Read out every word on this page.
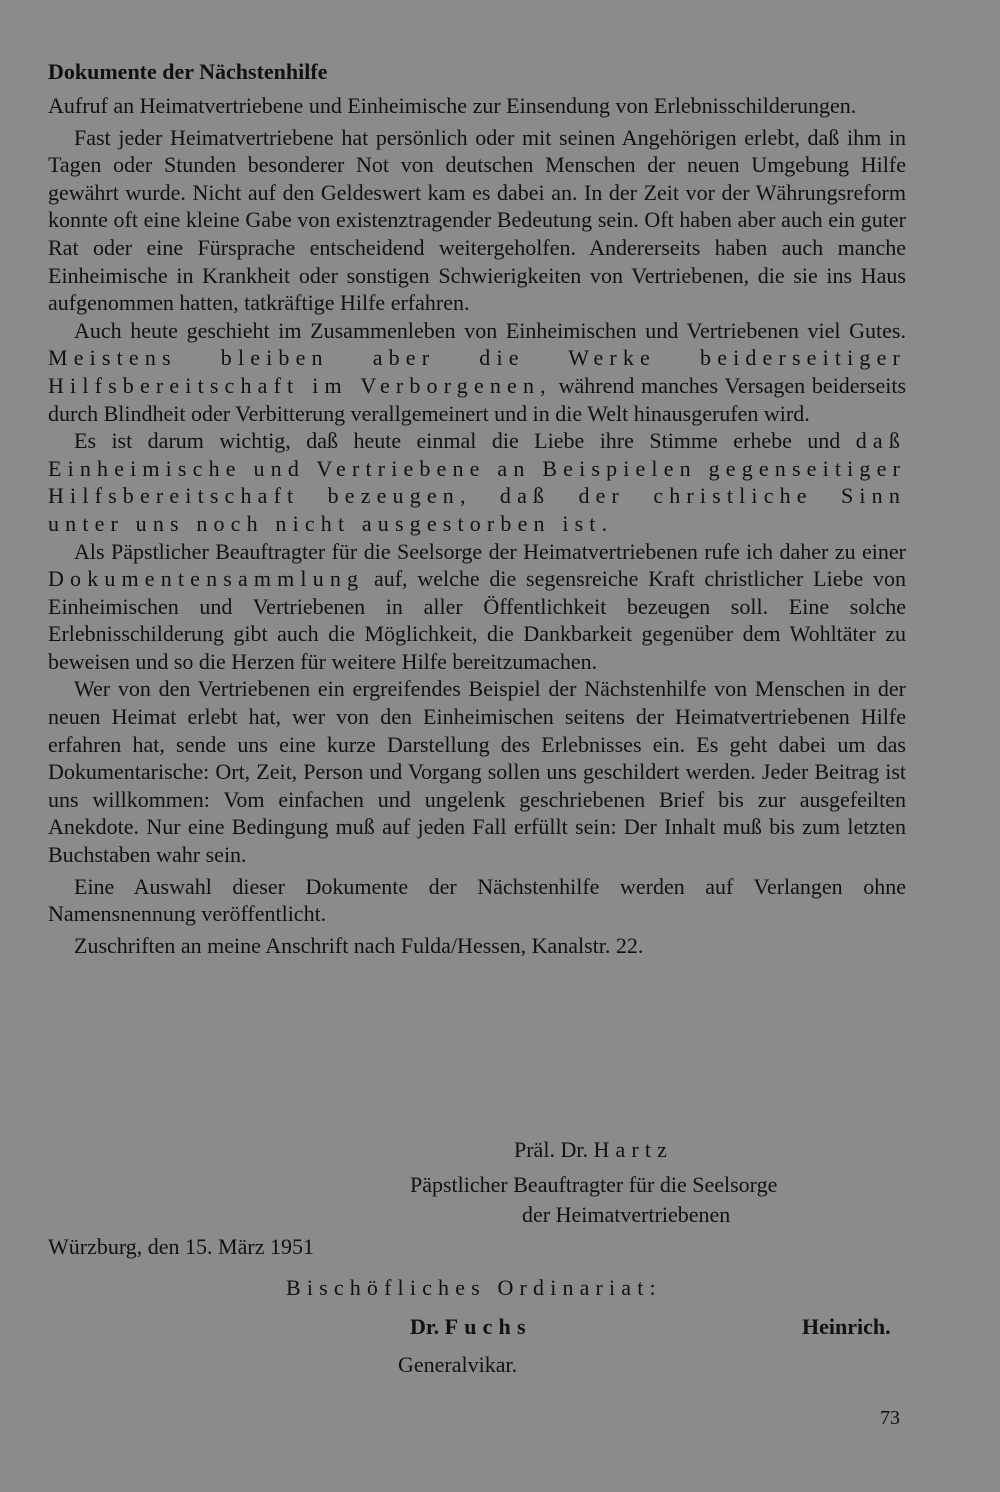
Dokumente der Nächstenhilfe

Aufruf an Heimatvertriebene und Einheimische zur Einsendung von Erlebnisschilderungen.

Fast jeder Heimatvertriebene hat persönlich oder mit seinen Angehörigen erlebt, daß ihm in Tagen oder Stunden besonderer Not von deutschen Menschen der neuen Umgebung Hilfe gewährt wurde. Nicht auf den Geldeswert kam es dabei an. In der Zeit vor der Währungsreform konnte oft eine kleine Gabe von existenztragender Bedeutung sein. Oft haben aber auch ein guter Rat oder eine Fürsprache entscheidend weitergeholfen. Andererseits haben auch manche Einheimische in Krankheit oder sonstigen Schwierigkeiten von Vertriebenen, die sie ins Haus aufgenommen hatten, tatkräftige Hilfe erfahren.

Auch heute geschieht im Zusammenleben von Einheimischen und Vertriebenen viel Gutes. Meistens bleiben aber die Werke beiderseitiger Hilfsbereitschaft im Verborgenen, während manches Versagen beiderseits durch Blindheit oder Verbitterung verallgemeinert und in die Welt hinausgerufen wird.

Es ist darum wichtig, daß heute einmal die Liebe ihre Stimme erhebe und daß Einheimische und Vertriebene an Beispielen gegenseitiger Hilfsbereitschaft bezeugen, daß der christliche Sinn unter uns noch nicht ausgestorben ist.

Als Päpstlicher Beauftragter für die Seelsorge der Heimatvertriebenen rufe ich daher zu einer Dokumentensammlung auf, welche die segensreiche Kraft christlicher Liebe von Einheimischen und Vertriebenen in aller Öffentlichkeit bezeugen soll. Eine solche Erlebnisschilderung gibt auch die Möglichkeit, die Dankbarkeit gegenüber dem Wohltäter zu beweisen und so die Herzen für weitere Hilfe bereitzumachen.

Wer von den Vertriebenen ein ergreifendes Beispiel der Nächstenhilfe von Menschen in der neuen Heimat erlebt hat, wer von den Einheimischen seitens der Heimatvertriebenen Hilfe erfahren hat, sende uns eine kurze Darstellung des Erlebnisses ein. Es geht dabei um das Dokumentarische: Ort, Zeit, Person und Vorgang sollen uns geschildert werden. Jeder Beitrag ist uns willkommen: Vom einfachen und ungelenk geschriebenen Brief bis zur ausgefeilten Anekdote. Nur eine Bedingung muß auf jeden Fall erfüllt sein: Der Inhalt muß bis zum letzten Buchstaben wahr sein.

Eine Auswahl dieser Dokumente der Nächstenhilfe werden auf Verlangen ohne Namensnennung veröffentlicht.

Zuschriften an meine Anschrift nach Fulda/Hessen, Kanalstr. 22.

Präl. Dr. Hartz
Päpstlicher Beauftragter für die Seelsorge
der Heimatvertriebenen
Würzburg, den 15. März 1951
Bischöfliches Ordinariat:
Dr. Fuchs	Heinrich.
Generalvikar.
73
